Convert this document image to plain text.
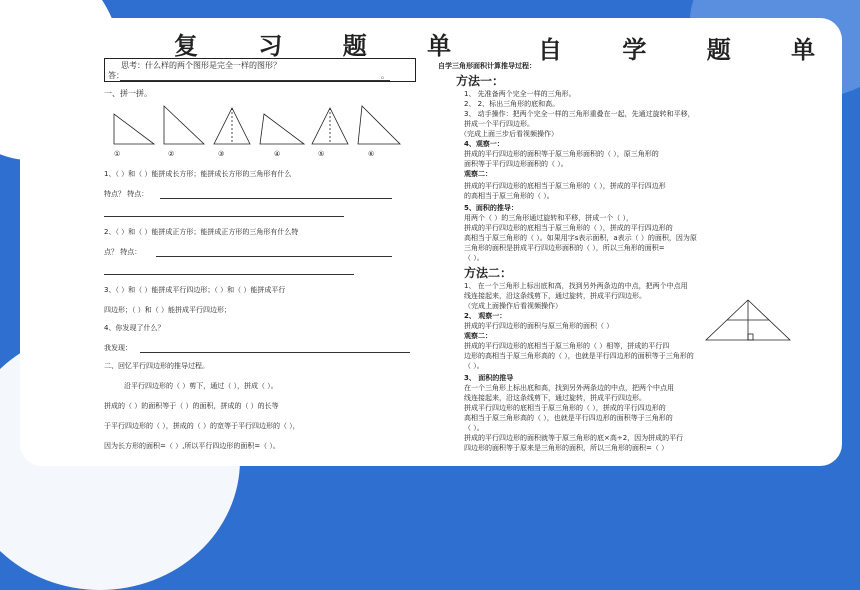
复 习 题 单
思考：什么样的两个图形是完全一样的图形？
答：	。
一、拼一拼。
①	②	③	④	⑤	⑥
1、（ ）和（ ）能拼成长方形；能拼成长方形的三角形有什么
特点？ 特点：
2、（ ）和（ ）能拼成正方形；能拼成正方形的三角形有什么特
点？ 特点：
3、（ ）和（ ）能拼成平行四边形；（ ）和（ ）能拼成平行
四边形；（ ）和（ ）能拼成平行四边形；
4、你发现了什么？
我发现：
二、回忆平行四边形的推导过程。
沿平行四边形的（ ）剪下，通过（ ），拼成（ ）。
拼成的（ ）的面积等于（ ）的面积，拼成的（ ）的长等
于平行四边形的（ ），拼成的（ ）的宽等于平行四边形的（ ），
因为长方形的面积=（ ）,所以平行四边形的面积=（ ）。
自 学 题 单
自学三角形面积计算推导过程：
方法一：
1、 先准备两个完全一样的三角形。
2、 2、标出三角形的底和高。
3、 动手操作：把两个完全一样的三角形重叠在一起，先通过旋转和平移，
拼成一个平行四边形。
（完成上面三步后看视频操作）
4、观察一：
拼成的平行四边形的面积等于原三角形面积的（ ），原三角形的
面积等于平行四边形面积的（ ）。
观察二：
拼成的平行四边形的底相当于原三角形的（ ），拼成的平行四边形
的高相当于原三角形的（ ）。
5、面积的推导：
用两个（ ）的三角形通过旋转和平移，拼成一个（ ），
拼成的平行四边形的底相当于原三角形的（ ），拼成的平行四边形的
高相当于原三角形的（ ）。如果用字s表示面积，a表示（ ）的面积，因为原
三角形的面积是拼成平行四边形面积的（ ），所以三角形的面积=
（ ）。
方法二：
1、 在一个三角形上标出底和高，找到另外两条边的中点，把两个中点用
线连接起来，沿这条线剪下，通过旋转，拼成平行四边形。
（完成上面操作后看视频操作）
2、 观察一：
拼成的平行四边形的面积与原三角形的面积（ ）
观察二：
拼成的平行四边形的底相当于原三角形的（ ）相等，拼成的平行四
边形的高相当于原三角形高的（ ），也就是平行四边形的面积等于三角形的
（ ）。
3、 面积的推导
在一个三角形上标出底和高，找到另外两条边的中点，把两个中点用
线连接起来，沿这条线剪下，通过旋转，拼成平行四边形。
拼成平行四边形的底相当于原三角形的（ ），拼成的平行四边形的
高相当于原三角形高的（ ），也就是平行四边形的面积等于三角形的
（ ）。
拼成的平行四边形的面积就等于原三角形的底×高÷2，因为拼成的平行
四边形的面积等于原来是三角形的面积，所以三角形的面积=（ ）
